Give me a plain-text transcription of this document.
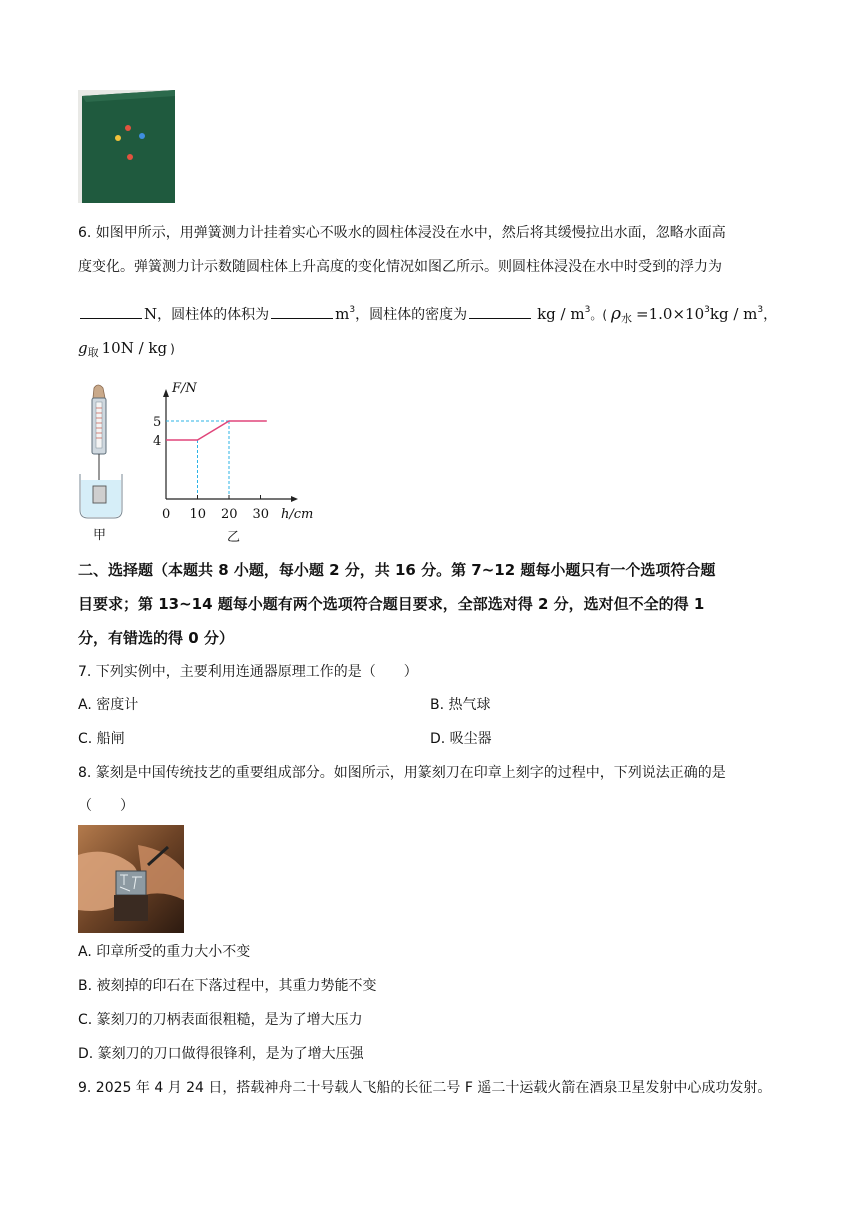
6. 如图甲所示，用弹簧测力计挂着实心不吸水的圆柱体浸没在水中，然后将其缓慢拉出水面，忽略水面高
度变化。弹簧测力计示数随圆柱体上升高度的变化情况如图乙所示。则圆柱体浸没在水中时受到的浮力为
N，圆柱体的体积为	$m^3$，圆柱体的密度为	kg / $m^3$。( $\rho_水 =1.0\times 10^3kg / m^3$，
$g_取$ 10N / kg )
甲
F/N
h/cm
5
4
0 10 20 30
乙
二、选择题（本题共 8 小题，每小题 2 分，共 16 分。第 7~12 题每小题只有一个选项符合题
目要求；第 13~14 题每小题有两个选项符合题目要求，全部选对得 2 分，选对但不全的得 1
分，有错选的得 0 分）
7. 下列实例中，主要利用连通器原理工作的是（　　）
A. 密度计	B. 热气球
C. 船闸	D. 吸尘器
8. 篆刻是中国传统技艺的重要组成部分。如图所示，用篆刻刀在印章上刻字的过程中，下列说法正确的是
（　　）
A. 印章所受的重力大小不变
B. 被刻掉的印石在下落过程中，其重力势能不变
C. 篆刻刀的刀柄表面很粗糙，是为了增大压力
D. 篆刻刀的刀口做得很锋利，是为了增大压强
9. 2025 年 4 月 24 日，搭载神舟二十号载人飞船的长征二号 F 遥二十运载火箭在酒泉卫星发射中心成功发射。
